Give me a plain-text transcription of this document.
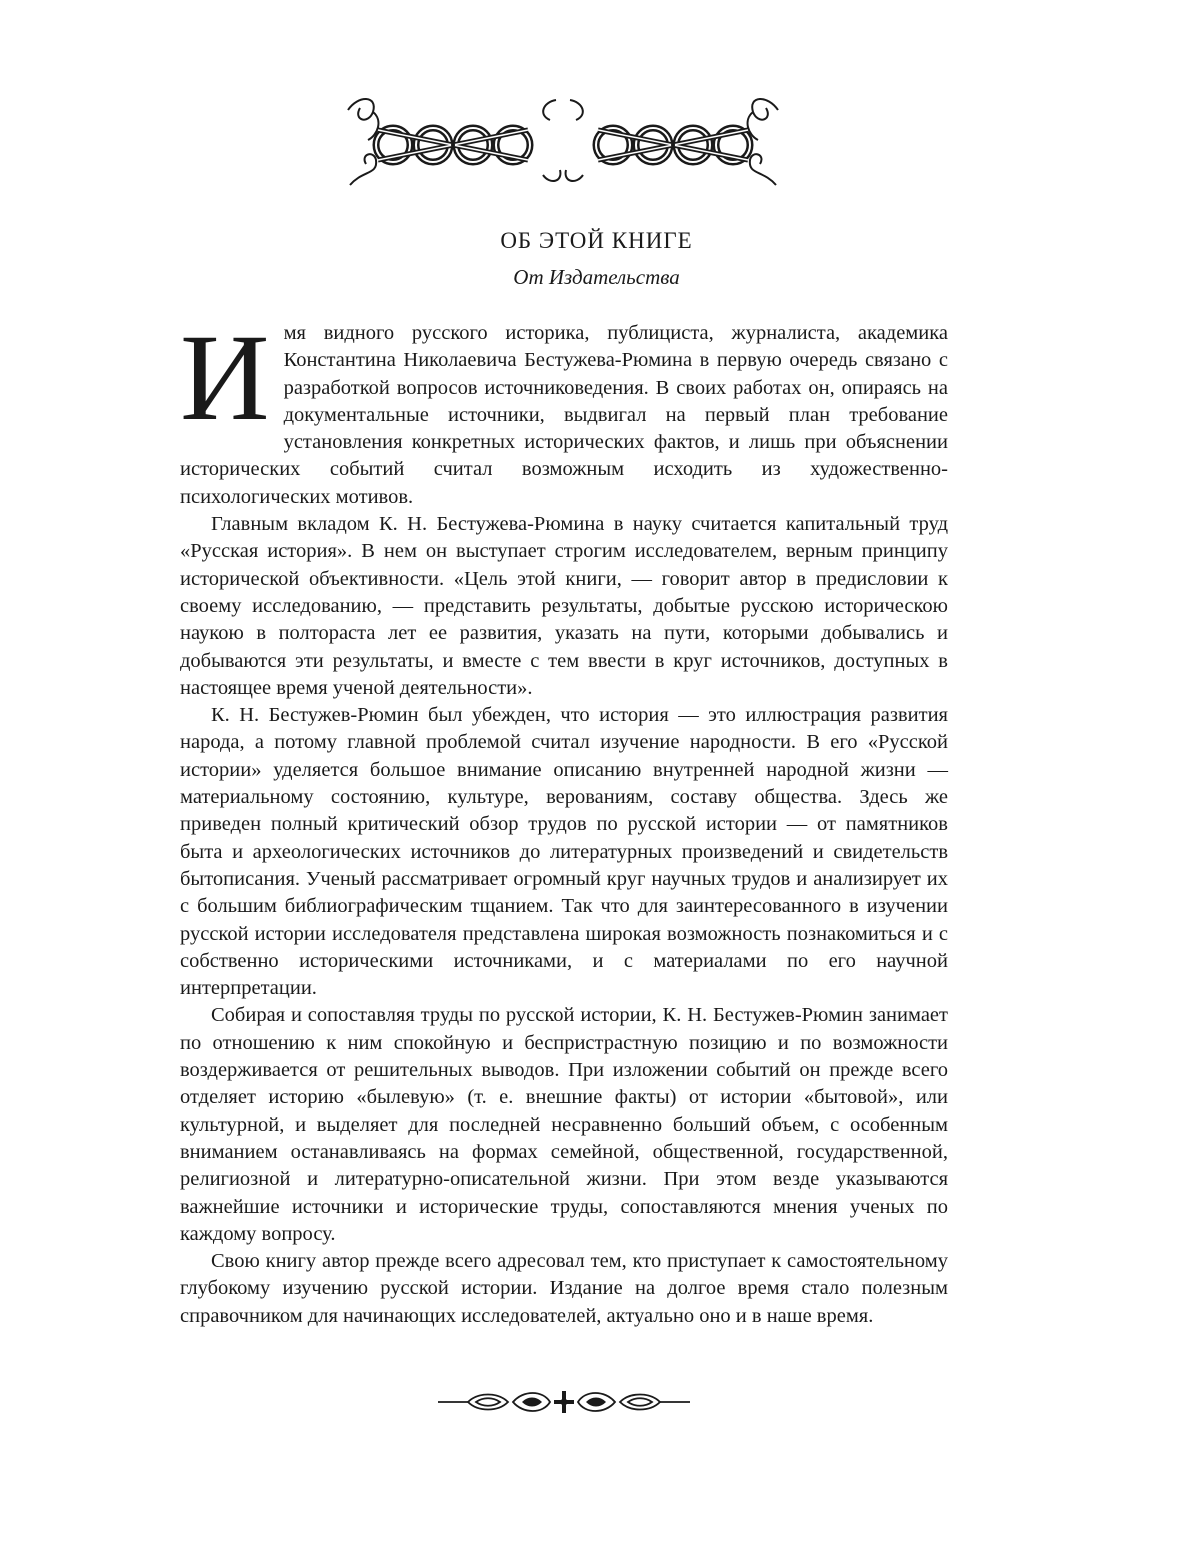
ОБ ЭТОЙ КНИГЕ
От Издательства

Имя видного русского историка, публициста, журналиста, академика Константина Николаевича Бестужева-Рюмина в первую очередь связано с разработкой вопросов источниковедения. В своих работах он, опираясь на документальные источники, выдвигал на первый план требование установления конкретных исторических фактов, и лишь при объяснении исторических событий считал возможным исходить из художественно-психологических мотивов.

Главным вкладом К. Н. Бестужева-Рюмина в науку считается капитальный труд «Русская история». В нем он выступает строгим исследователем, верным принципу исторической объективности. «Цель этой книги, — говорит автор в предисловии к своему исследованию, — представить результаты, добытые русскою историческою наукою в полтораста лет ее развития, указать на пути, которыми добывались и добываются эти результаты, и вместе с тем ввести в круг источников, доступных в настоящее время ученой деятельности».

К. Н. Бестужев-Рюмин был убежден, что история — это иллюстрация развития народа, а потому главной проблемой считал изучение народности. В его «Русской истории» уделяется большое внимание описанию внутренней народной жизни — материальному состоянию, культуре, верованиям, составу общества. Здесь же приведен полный критический обзор трудов по русской истории — от памятников быта и археологических источников до литературных произведений и свидетельств бытописания. Ученый рассматривает огромный круг научных трудов и анализирует их с большим библиографическим тщанием. Так что для заинтересованного в изучении русской истории исследователя представлена широкая возможность познакомиться и с собственно историческими источниками, и с материалами по его научной интерпретации.

Собирая и сопоставляя труды по русской истории, К. Н. Бестужев-Рюмин занимает по отношению к ним спокойную и беспристрастную позицию и по возможности воздерживается от решительных выводов. При изложении событий он прежде всего отделяет историю «былевую» (т. е. внешние факты) от истории «бытовой», или культурной, и выделяет для последней несравненно больший объем, с особенным вниманием останавливаясь на формах семейной, общественной, государственной, религиозной и литературно-описательной жизни. При этом везде указываются важнейшие источники и исторические труды, сопоставляются мнения ученых по каждому вопросу.

Свою книгу автор прежде всего адресовал тем, кто приступает к самостоятельному глубокому изучению русской истории. Издание на долгое время стало полезным справочником для начинающих исследователей, актуально оно и в наше время.
